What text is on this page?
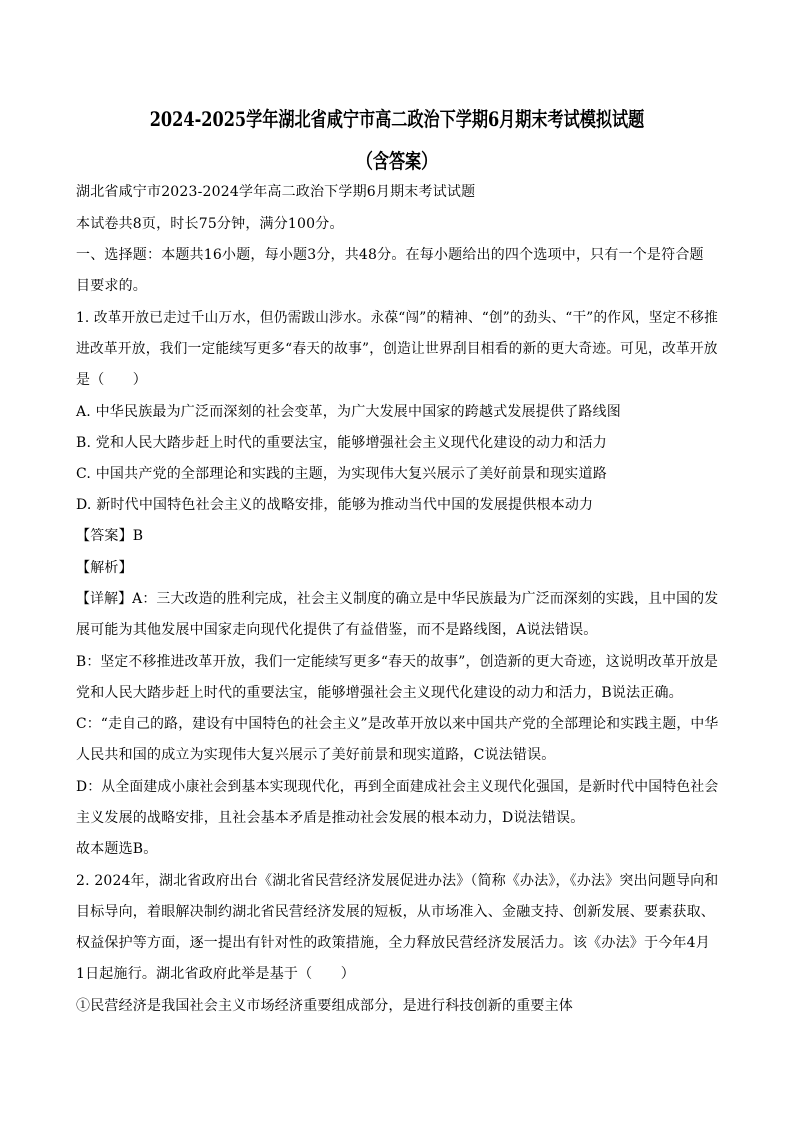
2024-2025学年湖北省咸宁市高二政治下学期6月期末考试模拟试题
（含答案）
湖北省咸宁市2023-2024学年高二政治下学期6月期末考试试题
本试卷共8页，时长75分钟，满分100分。
一、选择题：本题共16小题，每小题3分，共48分。在每小题给出的四个选项中，只有一个是符合题
目要求的。
1. 改革开放已走过千山万水，但仍需跋山涉水。永葆“闯”的精神、“创”的劲头、“干”的作风，坚定不移推
进改革开放，我们一定能续写更多“春天的故事”，创造让世界刮目相看的新的更大奇迹。可见，改革开放
是（　　）
A. 中华民族最为广泛而深刻的社会变革，为广大发展中国家的跨越式发展提供了路线图
B. 党和人民大踏步赶上时代的重要法宝，能够增强社会主义现代化建设的动力和活力
C. 中国共产党的全部理论和实践的主题，为实现伟大复兴展示了美好前景和现实道路
D. 新时代中国特色社会主义的战略安排，能够为推动当代中国的发展提供根本动力
【答案】B
【解析】
【详解】A：三大改造的胜利完成，社会主义制度的确立是中华民族最为广泛而深刻的实践，且中国的发
展可能为其他发展中国家走向现代化提供了有益借鉴，而不是路线图，A说法错误。
B：坚定不移推进改革开放，我们一定能续写更多“春天的故事”，创造新的更大奇迹，这说明改革开放是
党和人民大踏步赶上时代的重要法宝，能够增强社会主义现代化建设的动力和活力，B说法正确。
C：“走自己的路，建设有中国特色的社会主义”是改革开放以来中国共产党的全部理论和实践主题，中华
人民共和国的成立为实现伟大复兴展示了美好前景和现实道路，C说法错误。
D：从全面建成小康社会到基本实现现代化，再到全面建成社会主义现代化强国，是新时代中国特色社会
主义发展的战略安排，且社会基本矛盾是推动社会发展的根本动力，D说法错误。
故本题选B。
2. 2024年，湖北省政府出台《湖北省民营经济发展促进办法》（简称《办法》，《办法》突出问题导向和
目标导向，着眼解决制约湖北省民营经济发展的短板，从市场准入、金融支持、创新发展、要素获取、
权益保护等方面，逐一提出有针对性的政策措施，全力释放民营经济发展活力。该《办法》于今年4月
1日起施行。湖北省政府此举是基于（　　）
①民营经济是我国社会主义市场经济重要组成部分，是进行科技创新的重要主体
